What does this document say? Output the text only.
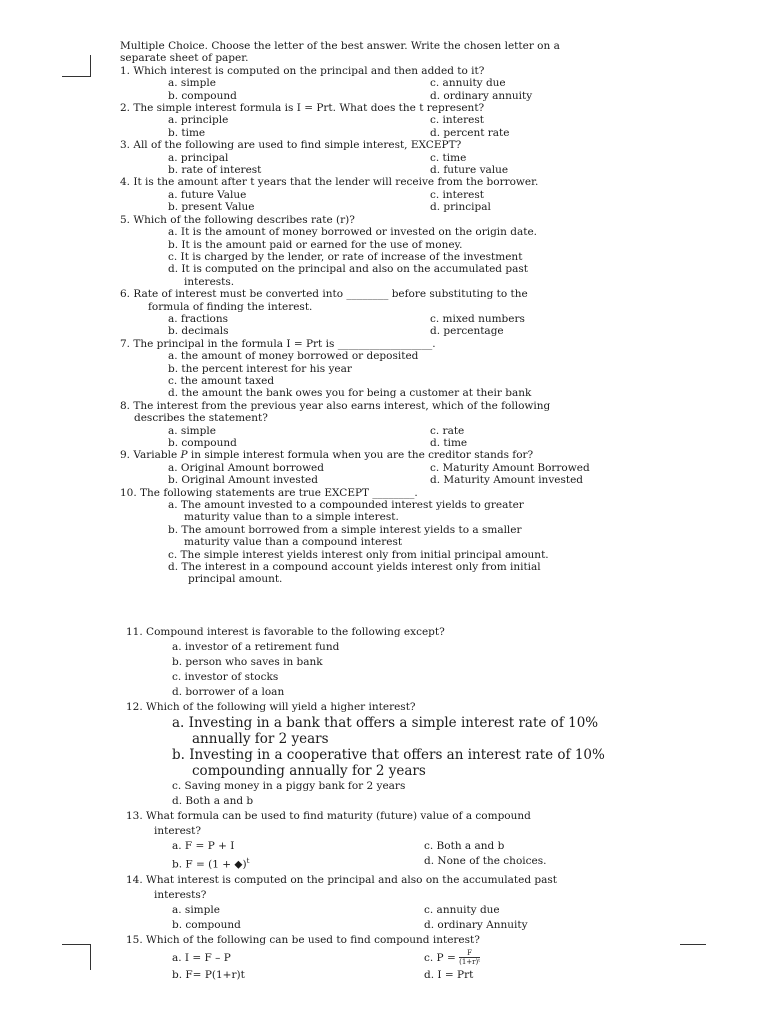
Multiple Choice. Choose the letter of the best answer. Write the chosen letter on a
separate sheet of paper.
1. Which interest is computed on the principal and then added to it?
a. simple	c. annuity due
b. compound	d. ordinary annuity
2. The simple interest formula is I = Prt. What does the t represent?
a. principle	c. interest
b. time	d. percent rate
3. All of the following are used to find simple interest, EXCEPT?
a. principal	c. time
b. rate of interest	d. future value
4. It is the amount after t years that the lender will receive from the borrower.
a. future Value	c. interest
b. present Value	d. principal
5. Which of the following describes rate (r)?
a. It is the amount of money borrowed or invested on the origin date.
b. It is the amount paid or earned for the use of money.
c. It is charged by the lender, or rate of increase of the investment
d. It is computed on the principal and also on the accumulated past
interests.
6. Rate of interest must be converted into ________ before substituting to the
formula of finding the interest.
a. fractions	c. mixed numbers
b. decimals	d. percentage
7. The principal in the formula I = Prt is __________________.
a. the amount of money borrowed or deposited
b. the percent interest for his year
c. the amount taxed
d. the amount the bank owes you for being a customer at their bank
8. The interest from the previous year also earns interest, which of the following
describes the statement?
a. simple	c. rate
b. compound	d. time
9. Variable P in simple interest formula when you are the creditor stands for?
a. Original Amount borrowed	c. Maturity Amount Borrowed
b. Original Amount invested	d. Maturity Amount invested
10. The following statements are true EXCEPT ________.
a. The amount invested to a compounded interest yields to greater
maturity value than to a simple interest.
b. The amount borrowed from a simple interest yields to a smaller
maturity value than a compound interest
c. The simple interest yields interest only from initial principal amount.
d. The interest in a compound account yields interest only from initial
principal amount.
11. Compound interest is favorable to the following except?
a. investor of a retirement fund
b. person who saves in bank
c. investor of stocks
d. borrower of a loan
12. Which of the following will yield a higher interest?
a. Investing in a bank that offers a simple interest rate of 10%
annually for 2 years
b. Investing in a cooperative that offers an interest rate of 10%
compounding annually for 2 years
c. Saving money in a piggy bank for 2 years
d. Both a and b
13. What formula can be used to find maturity (future) value of a compound
interest?
a. F = P + I	c. Both a and b
b. F = (1 + ◆)$^t$	d. None of the choices.
14. What interest is computed on the principal and also on the accumulated past
interests?
a. simple	c. annuity due
b. compound	d. ordinary Annuity
15. Which of the following can be used to find compound interest?
a. I = F – P	c. $P = \frac{F}{\text{(1+r)ᵗ}}$
b. F= P(1+r)t	d. I = Prt
